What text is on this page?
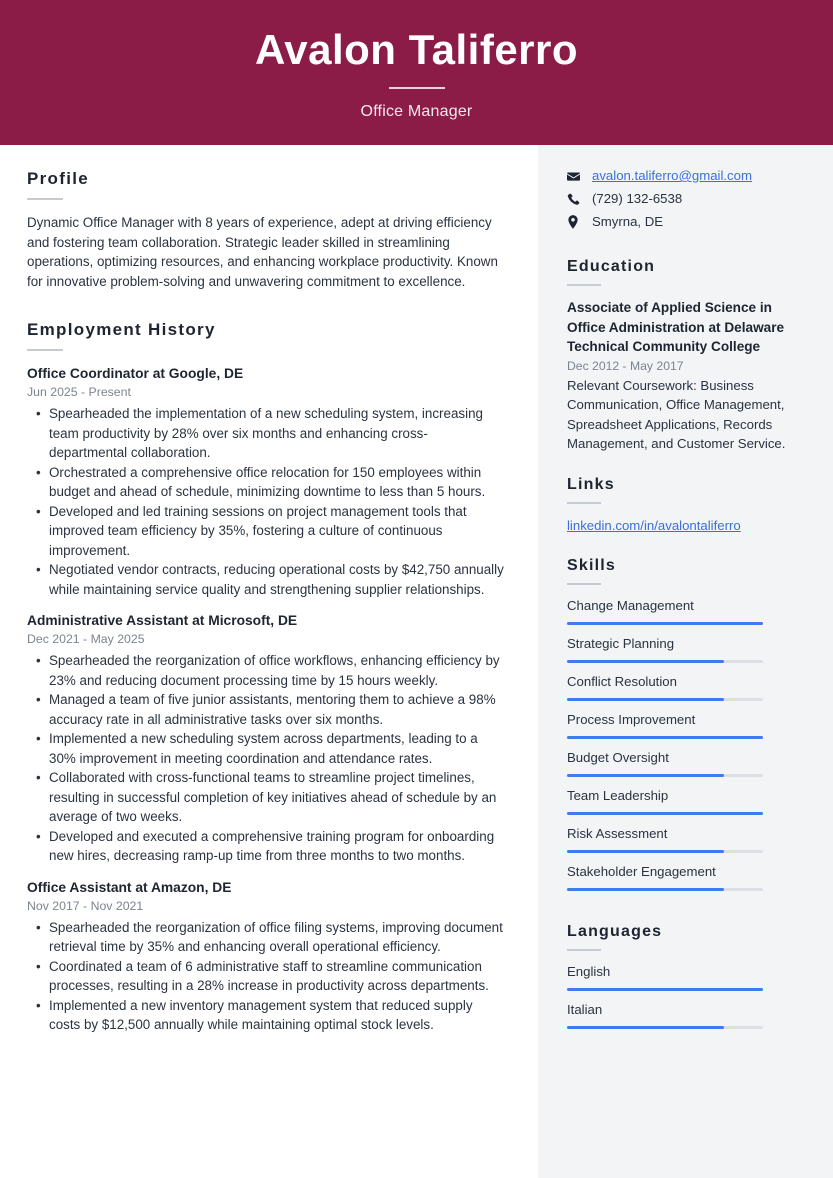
Avalon Taliferro
Office Manager
Profile
Dynamic Office Manager with 8 years of experience, adept at driving efficiency and fostering team collaboration. Strategic leader skilled in streamlining operations, optimizing resources, and enhancing workplace productivity. Known for innovative problem-solving and unwavering commitment to excellence.
Employment History
Office Coordinator at Google, DE
Jun 2025 - Present
• Spearheaded the implementation of a new scheduling system, increasing team productivity by 28% over six months and enhancing cross-departmental collaboration.
• Orchestrated a comprehensive office relocation for 150 employees within budget and ahead of schedule, minimizing downtime to less than 5 hours.
• Developed and led training sessions on project management tools that improved team efficiency by 35%, fostering a culture of continuous improvement.
• Negotiated vendor contracts, reducing operational costs by $42,750 annually while maintaining service quality and strengthening supplier relationships.
Administrative Assistant at Microsoft, DE
Dec 2021 - May 2025
• Spearheaded the reorganization of office workflows, enhancing efficiency by 23% and reducing document processing time by 15 hours weekly.
• Managed a team of five junior assistants, mentoring them to achieve a 98% accuracy rate in all administrative tasks over six months.
• Implemented a new scheduling system across departments, leading to a 30% improvement in meeting coordination and attendance rates.
• Collaborated with cross-functional teams to streamline project timelines, resulting in successful completion of key initiatives ahead of schedule by an average of two weeks.
• Developed and executed a comprehensive training program for onboarding new hires, decreasing ramp-up time from three months to two months.
Office Assistant at Amazon, DE
Nov 2017 - Nov 2021
• Spearheaded the reorganization of office filing systems, improving document retrieval time by 35% and enhancing overall operational efficiency.
• Coordinated a team of 6 administrative staff to streamline communication processes, resulting in a 28% increase in productivity across departments.
• Implemented a new inventory management system that reduced supply costs by $12,500 annually while maintaining optimal stock levels.
avalon.taliferro@gmail.com
(729) 132-6538
Smyrna, DE
Education
Associate of Applied Science in Office Administration at Delaware Technical Community College
Dec 2012 - May 2017
Relevant Coursework: Business Communication, Office Management, Spreadsheet Applications, Records Management, and Customer Service.
Links
linkedin.com/in/avalontaliferro
Skills
Change Management
Strategic Planning
Conflict Resolution
Process Improvement
Budget Oversight
Team Leadership
Risk Assessment
Stakeholder Engagement
Languages
English
Italian
